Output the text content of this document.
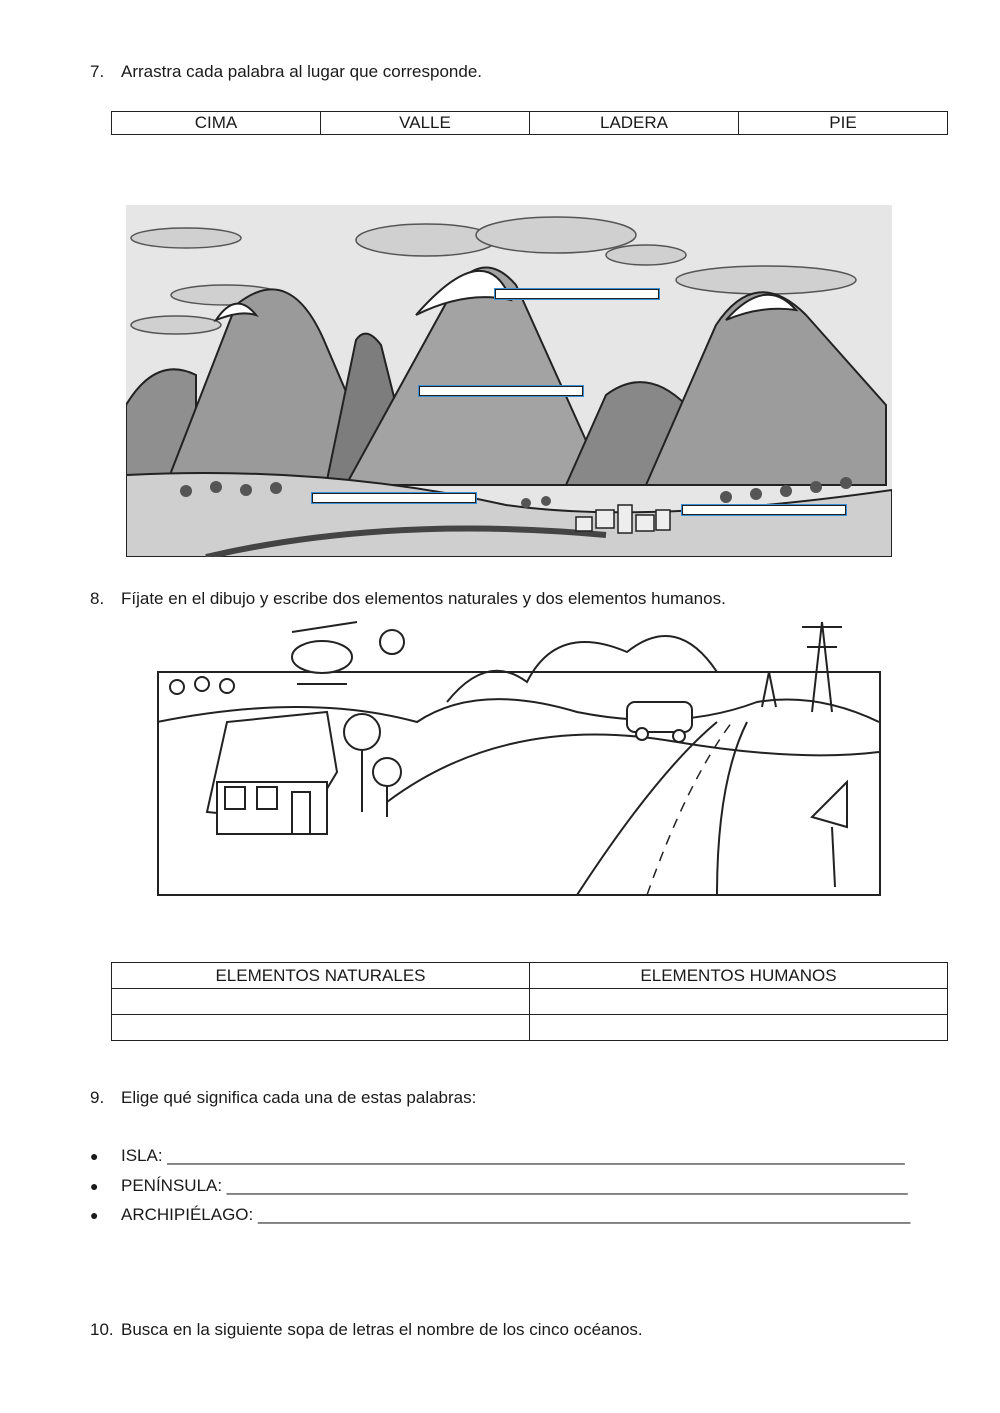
7. Arrastra cada palabra al lugar que corresponde.
CIMA	VALLE	LADERA	PIE
8. Fíjate en el dibujo y escribe dos elementos naturales y dos elementos humanos.
ELEMENTOS NATURALES	ELEMENTOS HUMANOS

9. Elige qué significa cada una de estas palabras:
● ISLA: ______________________________________________________________________________
● PENÍNSULA: ________________________________________________________________________
● ARCHIPIÉLAGO: _____________________________________________________________________
10. Busca en la siguiente sopa de letras el nombre de los cinco océanos.
